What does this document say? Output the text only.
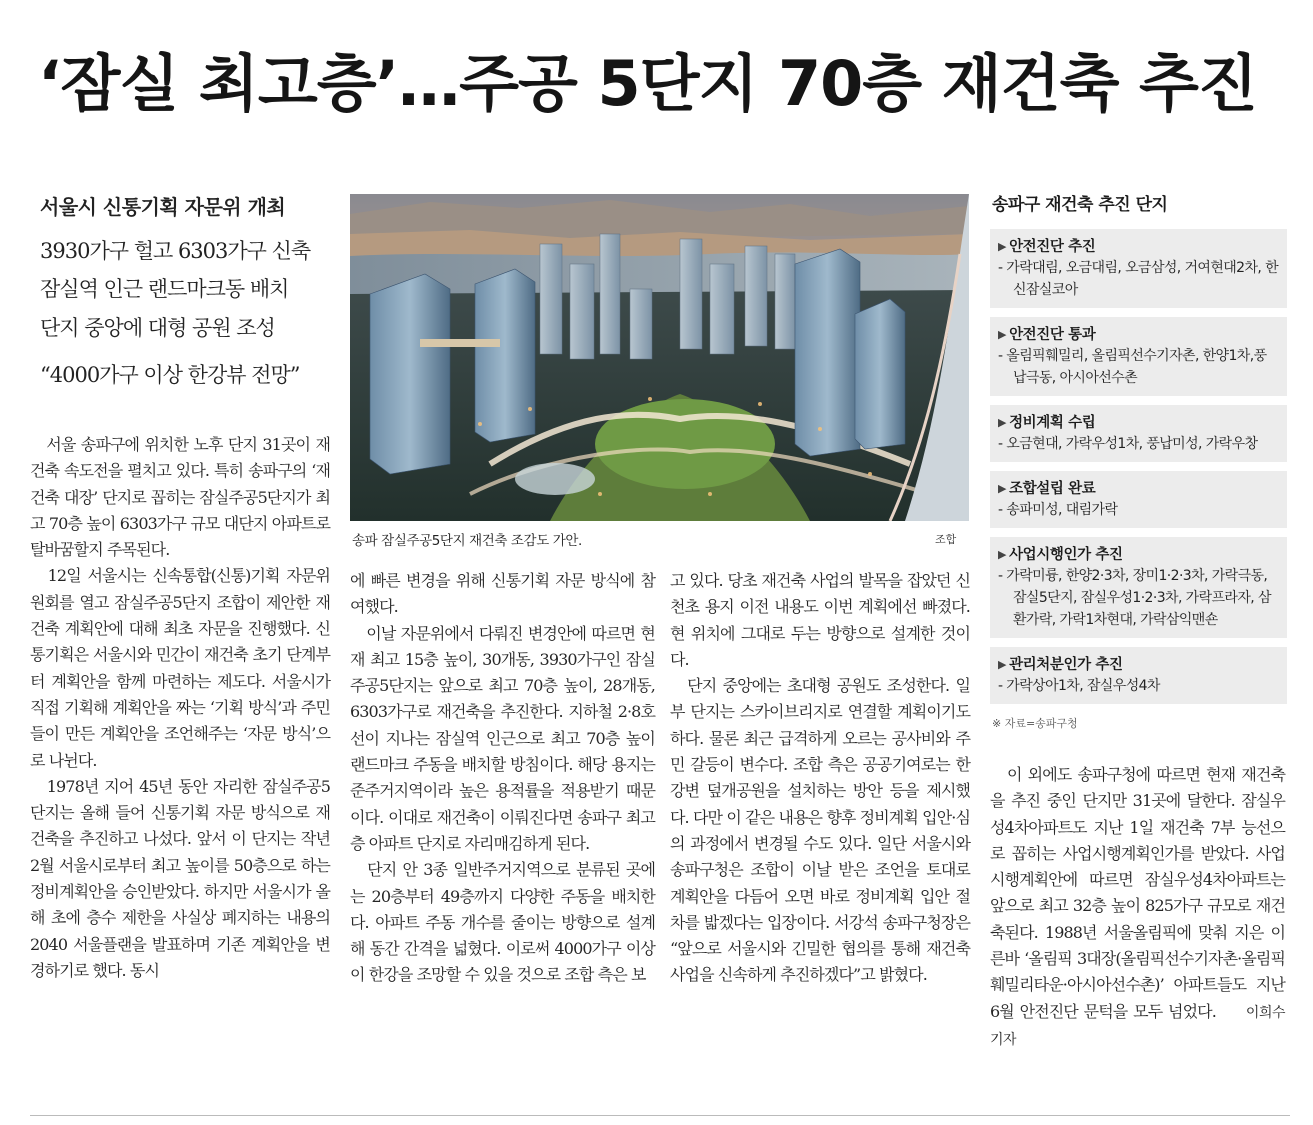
‘잠실 최고층’…주공 5단지 70층 재건축 추진
서울시 신통기획 자문위 개최
3930가구 헐고 6303가구 신축
잠실역 인근 랜드마크동 배치
단지 중앙에 대형 공원 조성
“4000가구 이상 한강뷰 전망”
　서울 송파구에 위치한 노후 단지 31곳이 재건축 속도전을 펼치고 있다. 특히 송파구의 ‘재건축 대장’ 단지로 꼽히는 잠실주공5단지가 최고 70층 높이 6303가구 규모 대단지 아파트로 탈바꿈할지 주목된다.
　12일 서울시는 신속통합(신통)기획 자문위원회를 열고 잠실주공5단지 조합이 제안한 재건축 계획안에 대해 최초 자문을 진행했다. 신통기획은 서울시와 민간이 재건축 초기 단계부터 계획안을 함께 마련하는 제도다. 서울시가 직접 기획해 계획안을 짜는 ‘기획 방식’과 주민들이 만든 계획안을 조언해주는 ‘자문 방식’으로 나뉜다.
　1978년 지어 45년 동안 자리한 잠실주공5단지는 올해 들어 신통기획 자문 방식으로 재건축을 추진하고 나섰다. 앞서 이 단지는 작년 2월 서울시로부터 최고 높이를 50층으로 하는 정비계획안을 승인받았다. 하지만 서울시가 올해 초에 층수 제한을 사실상 폐지하는 내용의 2040 서울플랜을 발표하며 기존 계획안을 변경하기로 했다. 동시
에 빠른 변경을 위해 신통기획 자문 방식에 참여했다.
　이날 자문위에서 다뤄진 변경안에 따르면 현재 최고 15층 높이, 30개동, 3930가구인 잠실주공5단지는 앞으로 최고 70층 높이, 28개동, 6303가구로 재건축을 추진한다. 지하철 2·8호선이 지나는 잠실역 인근으로 최고 70층 높이 랜드마크 주동을 배치할 방침이다. 해당 용지는 준주거지역이라 높은 용적률을 적용받기 때문이다. 이대로 재건축이 이뤄진다면 송파구 최고층 아파트 단지로 자리매김하게 된다.
　단지 안 3종 일반주거지역으로 분류된 곳에는 20층부터 49층까지 다양한 주동을 배치한다. 아파트 주동 개수를 줄이는 방향으로 설계해 동간 간격을 넓혔다. 이로써 4000가구 이상이 한강을 조망할 수 있을 것으로 조합 측은 보
고 있다. 당초 재건축 사업의 발목을 잡았던 신천초 용지 이전 내용도 이번 계획에선 빠졌다. 현 위치에 그대로 두는 방향으로 설계한 것이다.
　단지 중앙에는 초대형 공원도 조성한다. 일부 단지는 스카이브리지로 연결할 계획이기도 하다. 물론 최근 급격하게 오르는 공사비와 주민 갈등이 변수다. 조합 측은 공공기여로는 한강변 덮개공원을 설치하는 방안 등을 제시했다. 다만 이 같은 내용은 향후 정비계획 입안·심의 과정에서 변경될 수도 있다. 일단 서울시와 송파구청은 조합이 이날 받은 조언을 토대로 계획안을 다듬어 오면 바로 정비계획 입안 절차를 밟겠다는 입장이다. 서강석 송파구청장은 “앞으로 서울시와 긴밀한 협의를 통해 재건축 사업을 신속하게 추진하겠다”고 밝혔다.
　이 외에도 송파구청에 따르면 현재 재건축을 추진 중인 단지만 31곳에 달한다. 잠실우성4차아파트도 지난 1일 재건축 7부 능선으로 꼽히는 사업시행계획인가를 받았다. 사업시행계획안에 따르면 잠실우성4차아파트는 앞으로 최고 32층 높이 825가구 규모로 재건축된다. 1988년 서울올림픽에 맞춰 지은 이른바 ‘올림픽 3대장(올림픽선수기자촌·올림픽훼밀리타운·아시아선수촌)’ 아파트들도 지난 6월 안전진단 문턱을 모두 넘었다. 이희수 기자
송파 잠실주공5단지 재건축 조감도 가안.	조합
송파구 재건축 추진 단지
▶ 안전진단 추진
- 가락대림, 오금대림, 오금삼성, 거여현대2차, 한신잠실코아
▶ 안전진단 통과
- 올림픽훼밀리, 올림픽선수기자촌, 한양1차,풍납극동, 아시아선수촌
▶ 정비계획 수립
- 오금현대, 가락우성1차, 풍납미성, 가락우창
▶ 조합설립 완료
- 송파미성, 대림가락
▶ 사업시행인가 추진
- 가락미륭, 한양2·3차, 장미1·2·3차, 가락극동, 잠실5단지, 잠실우성1·2·3차, 가락프라자, 삼환가락, 가락1차현대, 가락삼익맨숀
▶ 관리처분인가 추진
- 가락상아1차, 잠실우성4차
※ 자료=송파구청
